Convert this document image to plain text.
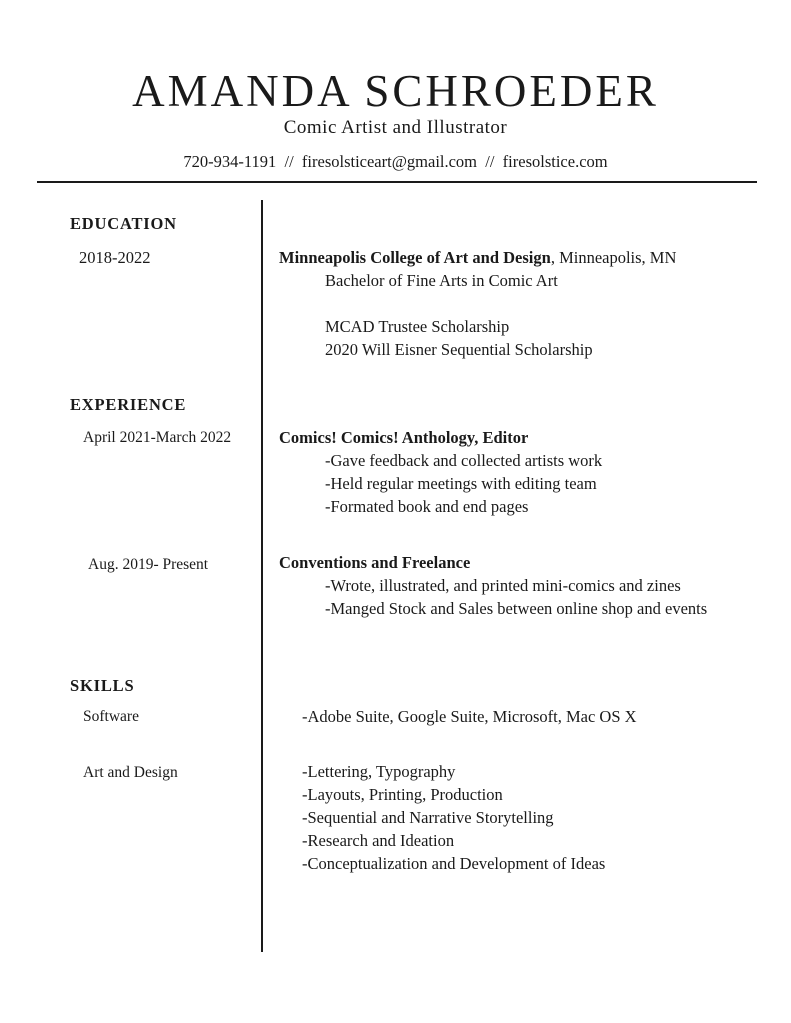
AMANDA SCHROEDER
Comic Artist and Illustrator
720-934-1191  //  firesolsticeart@gmail.com  //  firesolstice.com
EDUCATION
2018-2022	Minneapolis College of Art and Design, Minneapolis, MN
Bachelor of Fine Arts in Comic Art
MCAD Trustee Scholarship
2020 Will Eisner Sequential Scholarship
EXPERIENCE
April 2021-March 2022	Comics! Comics! Anthology, Editor
-Gave feedback and collected artists work
-Held regular meetings with editing team
-Formated book and end pages
Aug. 2019- Present	Conventions and Freelance
-Wrote, illustrated, and printed mini-comics and zines
-Manged Stock and Sales between online shop and events
SKILLS
Software	-Adobe Suite, Google Suite, Microsoft, Mac OS X
Art and Design	-Lettering, Typography
-Layouts, Printing, Production
-Sequential and Narrative Storytelling
-Research and Ideation
-Conceptualization and Development of Ideas
